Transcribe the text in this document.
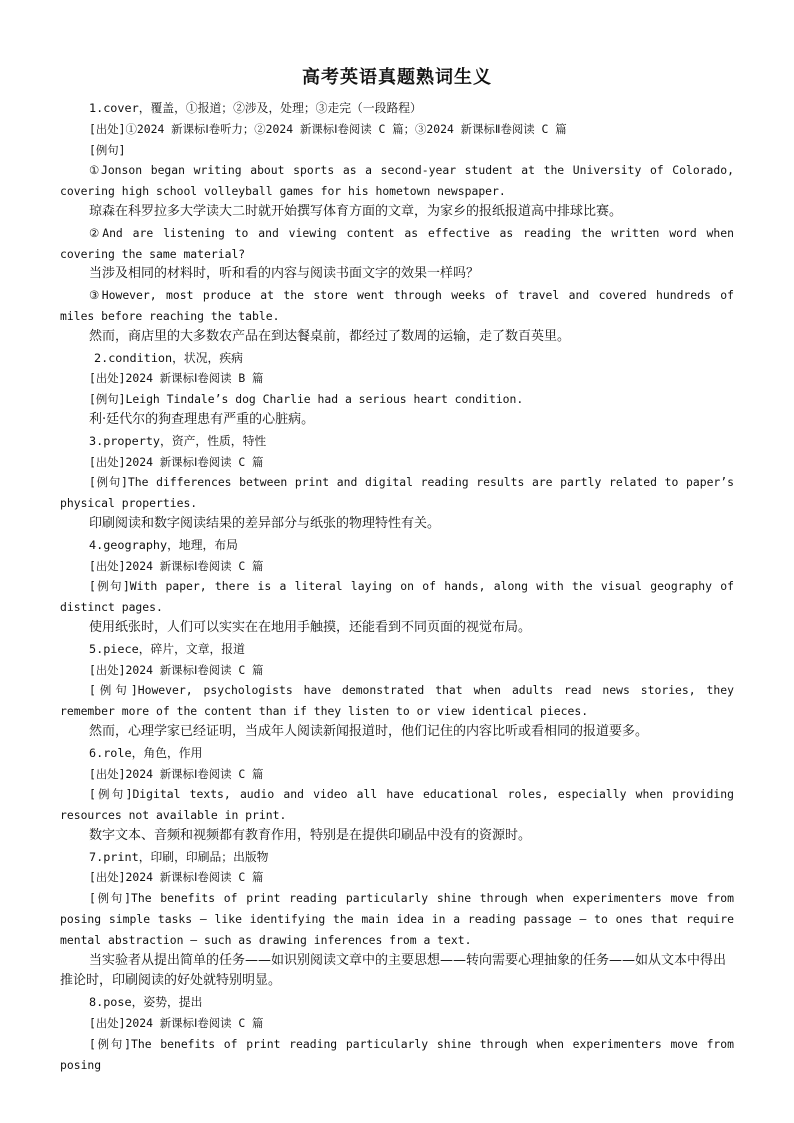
高考英语真题熟词生义

1.cover，覆盖，①报道；②涉及，处理；③走完（一段路程）

[出处]①2024 新课标Ⅰ卷听力；②2024 新课标Ⅰ卷阅读 C 篇；③2024 新课标Ⅱ卷阅读 C 篇

[例句]

①Jonson began writing about sports as a second-year student at the University of Colorado, covering high school volleyball games for his hometown newspaper.

琼森在科罗拉多大学读大二时就开始撰写体育方面的文章，为家乡的报纸报道高中排球比赛。

②And are listening to and viewing content as effective as reading the written word when covering the same material?

当涉及相同的材料时，听和看的内容与阅读书面文字的效果一样吗？

③However, most produce at the store went through weeks of travel and covered hundreds of miles before reaching the table.

然而，商店里的大多数农产品在到达餐桌前，都经过了数周的运输，走了数百英里。

2.condition，状况，疾病

[出处]2024 新课标Ⅰ卷阅读 B 篇

[例句]Leigh Tindale’s dog Charlie had a serious heart condition.

利·廷代尔的狗查理患有严重的心脏病。

3.property，资产，性质，特性

[出处]2024 新课标Ⅰ卷阅读 C 篇

[例句]The differences between print and digital reading results are partly related to paper’s physical properties.

印刷阅读和数字阅读结果的差异部分与纸张的物理特性有关。

4.geography，地理，布局

[出处]2024 新课标Ⅰ卷阅读 C 篇

[例句]With paper, there is a literal laying on of hands, along with the visual geography of distinct pages.

使用纸张时，人们可以实实在在地用手触摸，还能看到不同页面的视觉布局。

5.piece，碎片，文章，报道

[出处]2024 新课标Ⅰ卷阅读 C 篇

[例句]However, psychologists have demonstrated that when adults read news stories, they remember more of the content than if they listen to or view identical pieces.

然而，心理学家已经证明，当成年人阅读新闻报道时，他们记住的内容比听或看相同的报道要多。

6.role，角色，作用

[出处]2024 新课标Ⅰ卷阅读 C 篇

[例句]Digital texts, audio and video all have educational roles, especially when providing resources not available in print.

数字文本、音频和视频都有教育作用，特别是在提供印刷品中没有的资源时。

7.print，印刷，印刷品；出版物

[出处]2024 新课标Ⅰ卷阅读 C 篇

[例句]The benefits of print reading particularly shine through when experimenters move from posing simple tasks — like identifying the main idea in a reading passage — to ones that require mental abstraction — such as drawing inferences from a text.

当实验者从提出简单的任务——如识别阅读文章中的主要思想——转向需要心理抽象的任务——如从文本中得出推论时，印刷阅读的好处就特别明显。

8.pose，姿势，提出

[出处]2024 新课标Ⅰ卷阅读 C 篇

[例句]The benefits of print reading particularly shine through when experimenters move from posing
